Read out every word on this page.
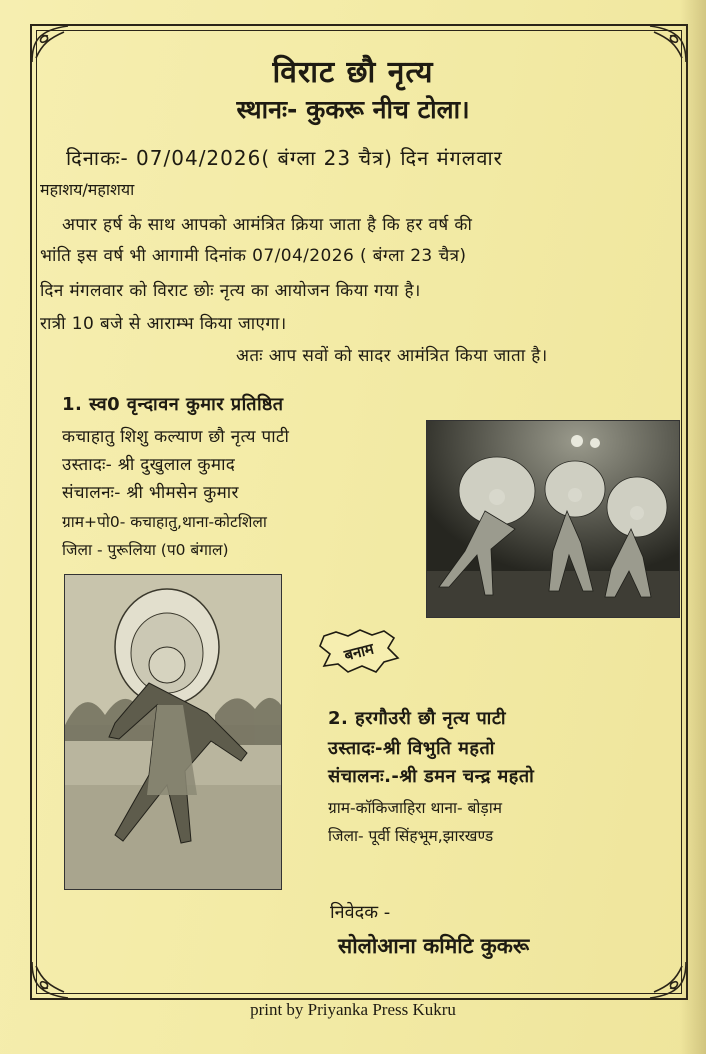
विराट छौ नृत्य
स्थानः- कुकरू नीच टोला।
दिनाकः- 07/04/2026( बंग्ला 23 चैत्र) दिन मंगलवार
महाशय/महाशया
अपार हर्ष के साथ आपको आमंत्रित क्रिया जाता है कि हर वर्ष की
भांति इस वर्ष भी आगामी दिनांक 07/04/2026 ( बंग्ला 23 चैत्र)
दिन मंगलवार को विराट छोः नृत्य का आयोजन किया गया है।
रात्री 10 बजे से आराम्भ किया जाएगा।
अतः आप सवों को सादर आमंत्रित किया जाता है।
1. स्व0 वृन्दावन कुमार प्रतिष्ठित
कचाहातु शिशु कल्याण छौ नृत्य पाटी
उस्तादः- श्री दुखुलाल कुमाद
संचालनः- श्री भीमसेन कुमार
ग्राम+पो0- कचाहातु,थाना-कोटशिला
जिला - पुरूलिया (प0 बंगाल)
बनाम
2. हरगौउरी छौ नृत्य पाटी
उस्तादः-श्री विभुति महतो
संचालनः.-श्री डमन चन्द्र महतो
ग्राम-कॉकिजाहिरा थाना- बोड़ाम
जिला- पूर्वी सिंहभूम,झारखण्ड
निवेदक -
सोलोआना कमिटि कुकरू
print by Priyanka Press Kukru
